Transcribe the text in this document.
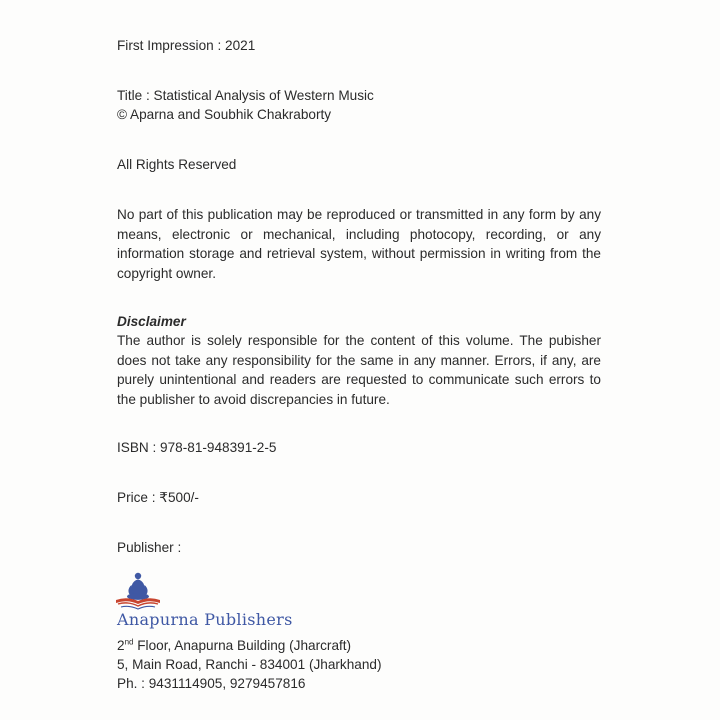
First Impression : 2021
Title : Statistical Analysis of Western Music
© Aparna and Soubhik Chakraborty
All Rights Reserved
No part of this publication may be reproduced or transmitted in any form by any means, electronic or mechanical, including photocopy, recording, or any information storage and retrieval system, without permission in writing from the copyright owner.
Disclaimer
The author is solely responsible for the content of this volume. The pubisher does not take any responsibility for the same in any manner. Errors, if any, are purely unintentional and readers are requested to communicate such errors to the publisher to avoid discrepancies in future.
ISBN : 978-81-948391-2-5
Price : ₹500/-
Publisher :
Anapurna Publishers
2nd Floor, Anapurna Building (Jharcraft)
5, Main Road, Ranchi - 834001 (Jharkhand)
Ph. : 9431114905, 9279457816
